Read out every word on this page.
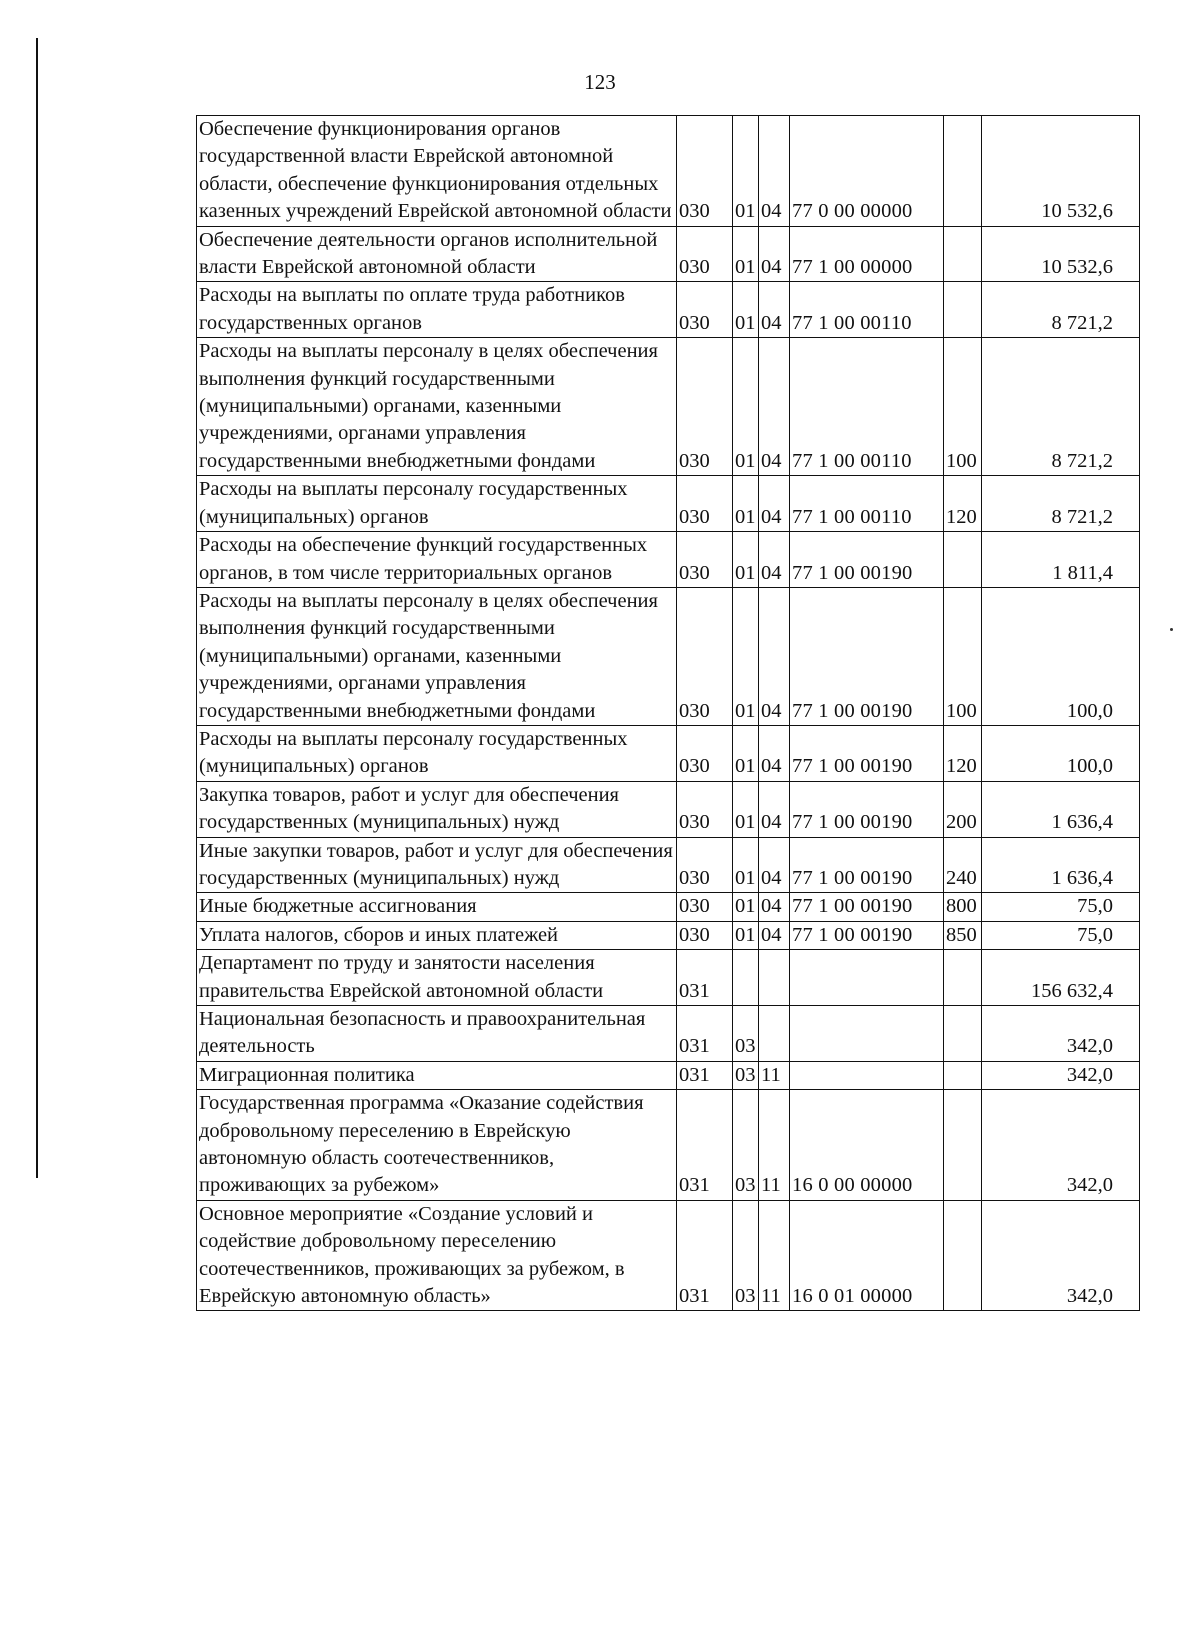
123
Обеспечение функционирования органов государственной власти Еврейской автономной области, обеспечение функционирования отдельных казенных учреждений Еврейской автономной области	030	01	04	77 0 00 00000		10 532,6
Обеспечение деятельности органов исполнительной власти Еврейской автономной области	030	01	04	77 1 00 00000		10 532,6
Расходы на выплаты по оплате труда работников государственных органов	030	01	04	77 1 00 00110		8 721,2
Расходы на выплаты персоналу в целях обеспечения выполнения функций государственными (муниципальными) органами, казенными учреждениями, органами управления государственными внебюджетными фондами	030	01	04	77 1 00 00110	100	8 721,2
Расходы на выплаты персоналу государственных (муниципальных) органов	030	01	04	77 1 00 00110	120	8 721,2
Расходы на обеспечение функций государственных органов, в том числе территориальных органов	030	01	04	77 1 00 00190		1 811,4
Расходы на выплаты персоналу в целях обеспечения выполнения функций государственными (муниципальными) органами, казенными учреждениями, органами управления государственными внебюджетными фондами	030	01	04	77 1 00 00190	100	100,0
Расходы на выплаты персоналу государственных (муниципальных) органов	030	01	04	77 1 00 00190	120	100,0
Закупка товаров, работ и услуг для обеспечения государственных (муниципальных) нужд	030	01	04	77 1 00 00190	200	1 636,4
Иные закупки товаров, работ и услуг для обеспечения государственных (муниципальных) нужд	030	01	04	77 1 00 00190	240	1 636,4
Иные бюджетные ассигнования	030	01	04	77 1 00 00190	800	75,0
Уплата налогов, сборов и иных платежей	030	01	04	77 1 00 00190	850	75,0
Департамент по труду и занятости населения правительства Еврейской автономной области	031					156 632,4
Национальная безопасность и правоохранительная деятельность	031	03				342,0
Миграционная политика	031	03	11			342,0
Государственная программа «Оказание содействия добровольному переселению в Еврейскую автономную область соотечественников, проживающих за рубежом»	031	03	11	16 0 00 00000		342,0
Основное мероприятие «Создание условий и содействие добровольному переселению соотечественников, проживающих за рубежом, в Еврейскую автономную область»	031	03	11	16 0 01 00000		342,0
